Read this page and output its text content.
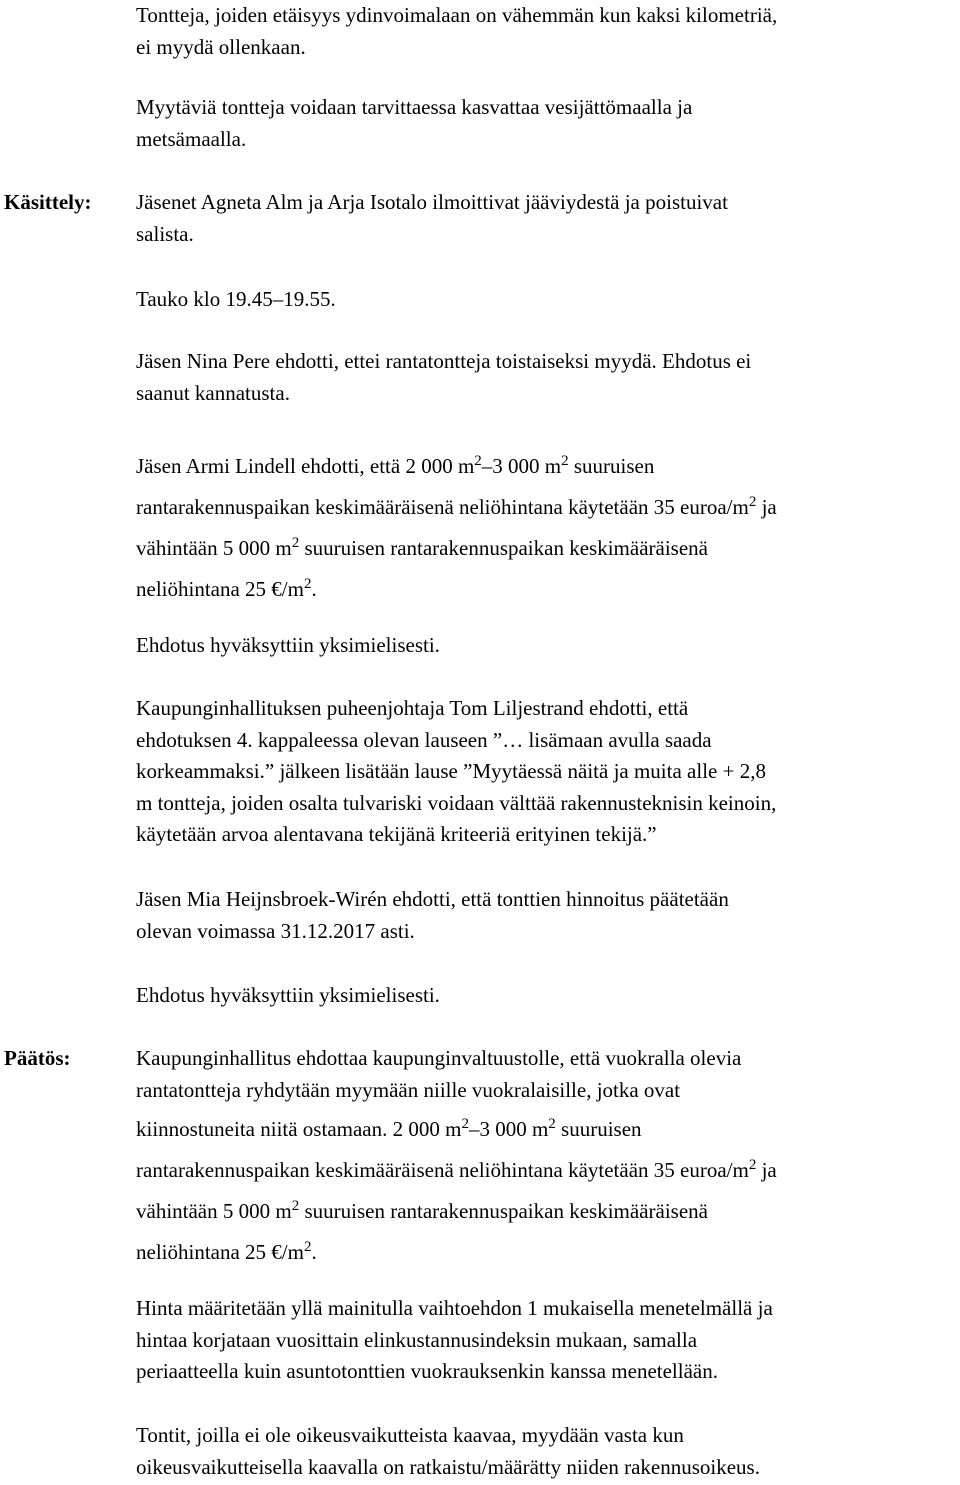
Tontteja, joiden etäisyys ydinvoimalaan on vähemmän kun kaksi kilometriä,
ei myydä ollenkaan.

Myytäviä tontteja voidaan tarvittaessa kasvattaa vesijättömaalla ja
metsämaalla.

Käsittely: Jäsenet Agneta Alm ja Arja Isotalo ilmoittivat jääviydestä ja poistuivat
salista.

Tauko klo 19.45–19.55.

Jäsen Nina Pere ehdotti, ettei rantatontteja toistaiseksi myydä. Ehdotus ei
saanut kannatusta.

Jäsen Armi Lindell ehdotti, että 2 000 $m^2-3$ 000 $m^2$ suuruisen
rantarakennuspaikan keskimääräisenä neliöhintana käytetään 35 euroa/$m^2$ ja
vähintään 5 000 $m^2$ suuruisen rantarakennuspaikan keskimääräisenä
neliöhintana 25 $€/m^2$.

Ehdotus hyväksyttiin yksimielisesti.

Kaupunginhallituksen puheenjohtaja Tom Liljestrand ehdotti, että
ehdotuksen 4. kappaleessa olevan lauseen ”… lisämaan avulla saada
korkeammaksi.” jälkeen lisätään lause ”Myytäessä näitä ja muita alle + 2,8
m tontteja, joiden osalta tulvariski voidaan välttää rakennusteknisin keinoin,
käytetään arvoa alentavana tekijänä kriteeriä erityinen tekijä.”

Jäsen Mia Heijnsbroek-Wirén ehdotti, että tonttien hinnoitus päätetään
olevan voimassa 31.12.2017 asti.

Ehdotus hyväksyttiin yksimielisesti.

Päätös:	Kaupunginhallitus ehdottaa kaupunginvaltuustolle, että vuokralla olevia
rantatontteja ryhdytään myymään niille vuokralaisille, jotka ovat

kiinnostuneita niitä ostamaan. 2 000 $m^2-3$ 000 $m^2$ suuruisen
rantarakennuspaikan keskimääräisenä neliöhintana käytetään 35 euroa/$m^2$ ja
vähintään 5 000 $m^2$ suuruisen rantarakennuspaikan keskimääräisenä
neliöhintana 25 $€/m^2$.

Hinta määritetään yllä mainitulla vaihtoehdon 1 mukaisella menetelmällä ja
hintaa korjataan vuosittain elinkustannusindeksin mukaan, samalla
periaatteella kuin asuntotonttien vuokrauksenkin kanssa menetellään.

Tontit, joilla ei ole oikeusvaikutteista kaavaa, myydään vasta kun
oikeusvaikutteisella kaavalla on ratkaistu/määrätty niiden rakennusoikeus.
